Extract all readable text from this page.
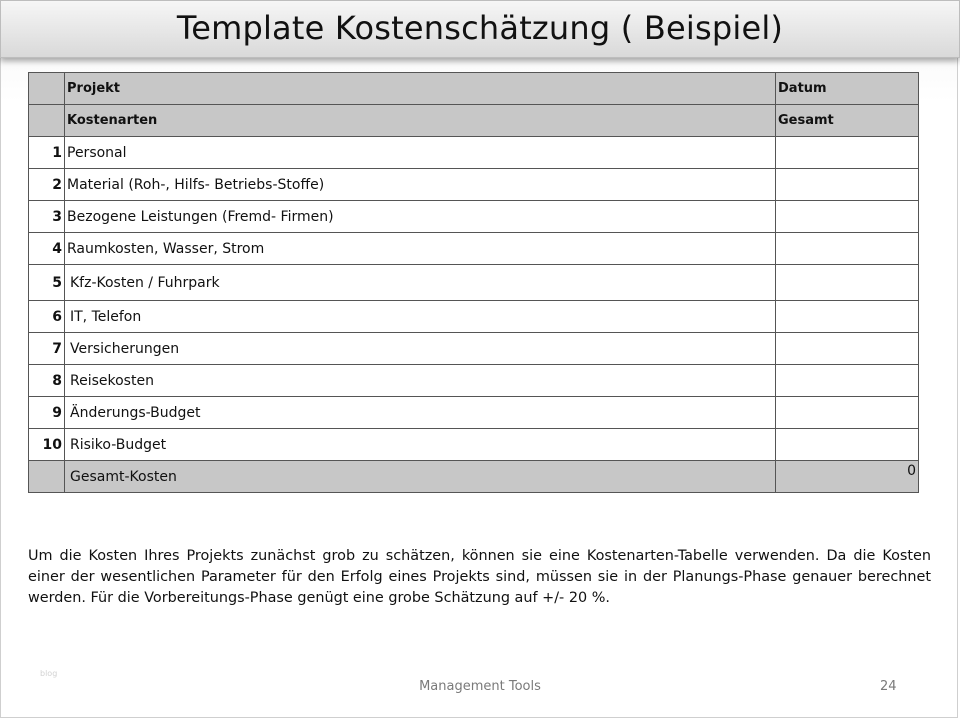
Template Kostenschätzung ( Beispiel)
	Projekt	Datum
	Kostenarten	Gesamt
1	Personal	
2	Material (Roh-, Hilfs- Betriebs-Stoffe)	
3	Bezogene Leistungen (Fremd- Firmen)	
4	Raumkosten, Wasser, Strom	
5	Kfz-Kosten / Fuhrpark	
6	IT, Telefon	
7	Versicherungen	
8	Reisekosten	
9	Änderungs-Budget	
10	Risiko-Budget	
	Gesamt-Kosten	0

Um die Kosten Ihres Projekts zunächst grob zu schätzen, können sie eine Kostenarten-Tabelle verwenden. Da die Kosten einer der wesentlichen Parameter für den Erfolg eines Projekts sind, müssen sie in der Planungs-Phase genauer berechnet werden. Für die Vorbereitungs-Phase genügt eine grobe Schätzung auf +/- 20 %.

blog
Management Tools	24
